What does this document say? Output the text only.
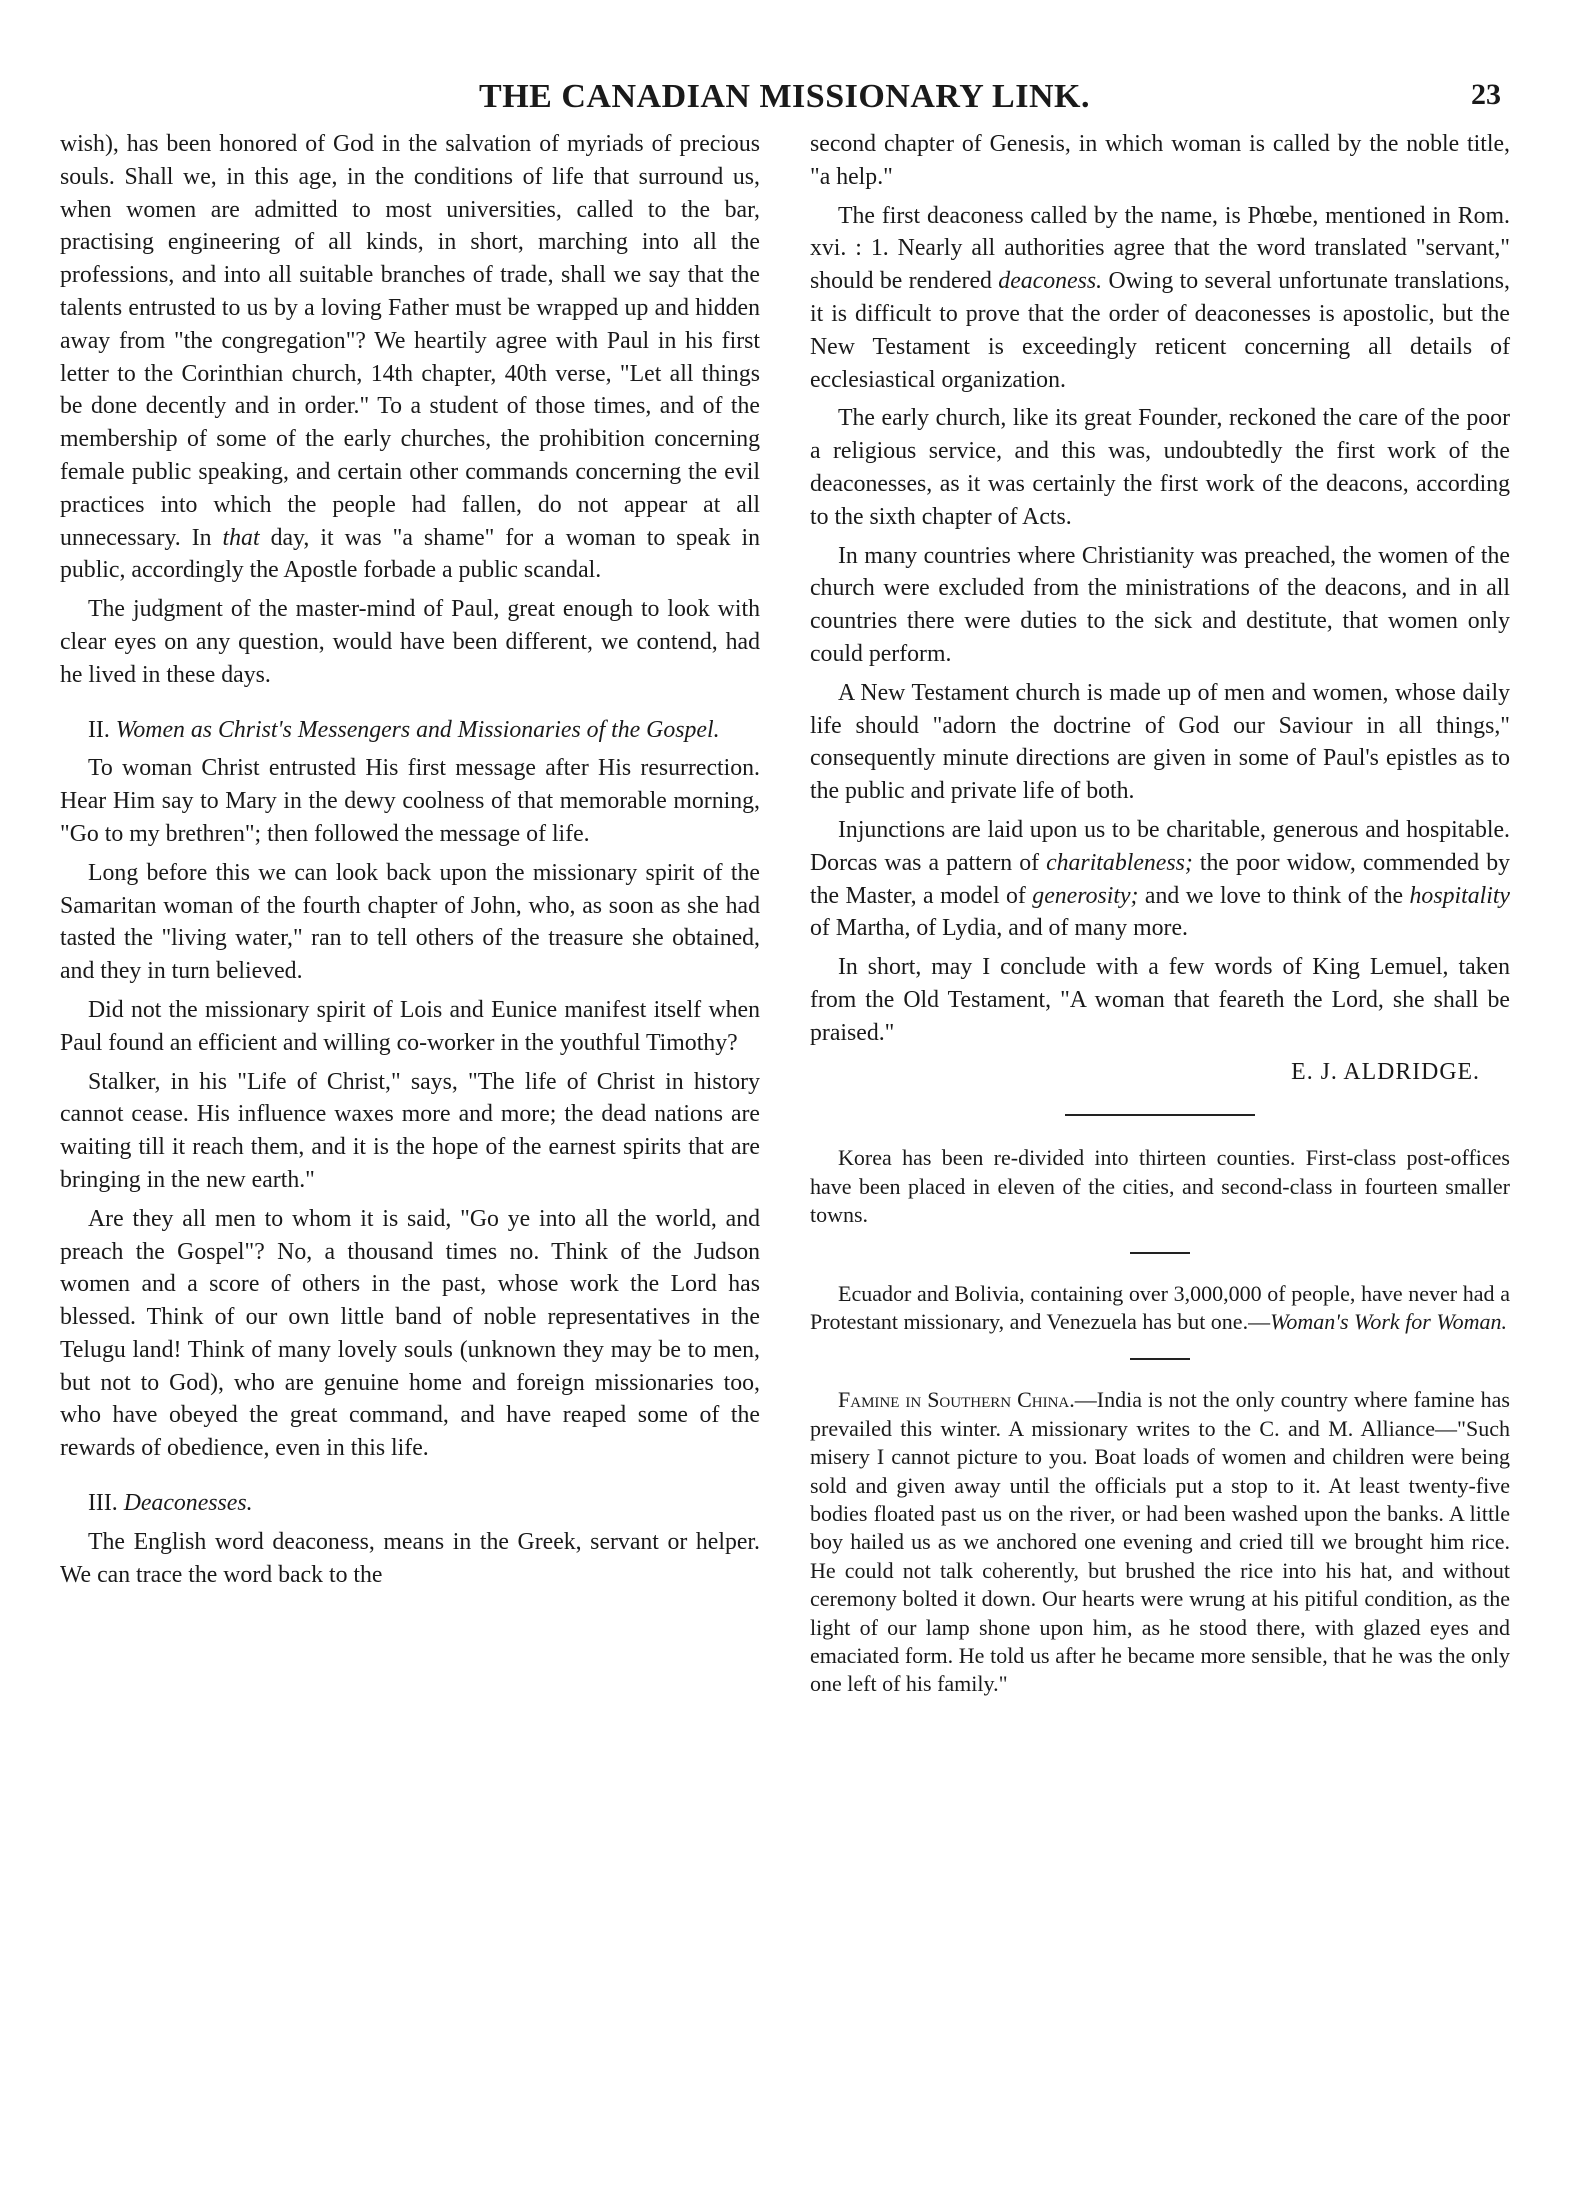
THE CANADIAN MISSIONARY LINK.	23

wish), has been honored of God in the salvation of myriads of precious souls. Shall we, in this age, in the conditions of life that surround us, when women are admitted to most universities, called to the bar, practising engineering of all kinds, in short, marching into all the professions, and into all suitable branches of trade, shall we say that the talents entrusted to us by a loving Father must be wrapped up and hidden away from "the congregation"? We heartily agree with Paul in his first letter to the Corinthian church, 14th chapter, 40th verse, "Let all things be done decently and in order." To a student of those times, and of the membership of some of the early churches, the prohibition concerning female public speaking, and certain other commands concerning the evil practices into which the people had fallen, do not appear at all unnecessary. In that day, it was "a shame" for a woman to speak in public, accordingly the Apostle forbade a public scandal.

The judgment of the master-mind of Paul, great enough to look with clear eyes on any question, would have been different, we contend, had he lived in these days.

II. Women as Christ's Messengers and Missionaries of the Gospel.

To woman Christ entrusted His first message after His resurrection. Hear Him say to Mary in the dewy coolness of that memorable morning, "Go to my brethren"; then followed the message of life.

Long before this we can look back upon the missionary spirit of the Samaritan woman of the fourth chapter of John, who, as soon as she had tasted the "living water," ran to tell others of the treasure she obtained, and they in turn believed.

Did not the missionary spirit of Lois and Eunice manifest itself when Paul found an efficient and willing co-worker in the youthful Timothy?

Stalker, in his "Life of Christ," says, "The life of Christ in history cannot cease. His influence waxes more and more; the dead nations are waiting till it reach them, and it is the hope of the earnest spirits that are bringing in the new earth."

Are they all men to whom it is said, "Go ye into all the world, and preach the Gospel"? No, a thousand times no. Think of the Judson women and a score of others in the past, whose work the Lord has blessed. Think of our own little band of noble representatives in the Telugu land! Think of many lovely souls (unknown they may be to men, but not to God), who are genuine home and foreign missionaries too, who have obeyed the great command, and have reaped some of the rewards of obedience, even in this life.

III. Deaconesses.

The English word deaconess, means in the Greek, servant or helper. We can trace the word back to the

second chapter of Genesis, in which woman is called by the noble title, "a help."

The first deaconess called by the name, is Phœbe, mentioned in Rom. xvi. : 1. Nearly all authorities agree that the word translated "servant," should be rendered deaconess. Owing to several unfortunate translations, it is difficult to prove that the order of deaconesses is apostolic, but the New Testament is exceedingly reticent concerning all details of ecclesiastical organization.

The early church, like its great Founder, reckoned the care of the poor a religious service, and this was, undoubtedly the first work of the deaconesses, as it was certainly the first work of the deacons, according to the sixth chapter of Acts.

In many countries where Christianity was preached, the women of the church were excluded from the ministrations of the deacons, and in all countries there were duties to the sick and destitute, that women only could perform.

A New Testament church is made up of men and women, whose daily life should "adorn the doctrine of God our Saviour in all things," consequently minute directions are given in some of Paul's epistles as to the public and private life of both.

Injunctions are laid upon us to be charitable, generous and hospitable. Dorcas was a pattern of charitableness; the poor widow, commended by the Master, a model of generosity; and we love to think of the hospitality of Martha, of Lydia, and of many more.

In short, may I conclude with a few words of King Lemuel, taken from the Old Testament, "A woman that feareth the Lord, she shall be praised."

E. J. ALDRIDGE.

Korea has been re-divided into thirteen counties. First-class post-offices have been placed in eleven of the cities, and second-class in fourteen smaller towns.

Ecuador and Bolivia, containing over 3,000,000 of people, have never had a Protestant missionary, and Venezuela has but one.—Woman's Work for Woman.

Famine in Southern China.—India is not the only country where famine has prevailed this winter. A missionary writes to the C. and M. Alliance—"Such misery I cannot picture to you. Boat loads of women and children were being sold and given away until the officials put a stop to it. At least twenty-five bodies floated past us on the river, or had been washed upon the banks. A little boy hailed us as we anchored one evening and cried till we brought him rice. He could not talk coherently, but brushed the rice into his hat, and without ceremony bolted it down. Our hearts were wrung at his pitiful condition, as the light of our lamp shone upon him, as he stood there, with glazed eyes and emaciated form. He told us after he became more sensible, that he was the only one left of his family."
